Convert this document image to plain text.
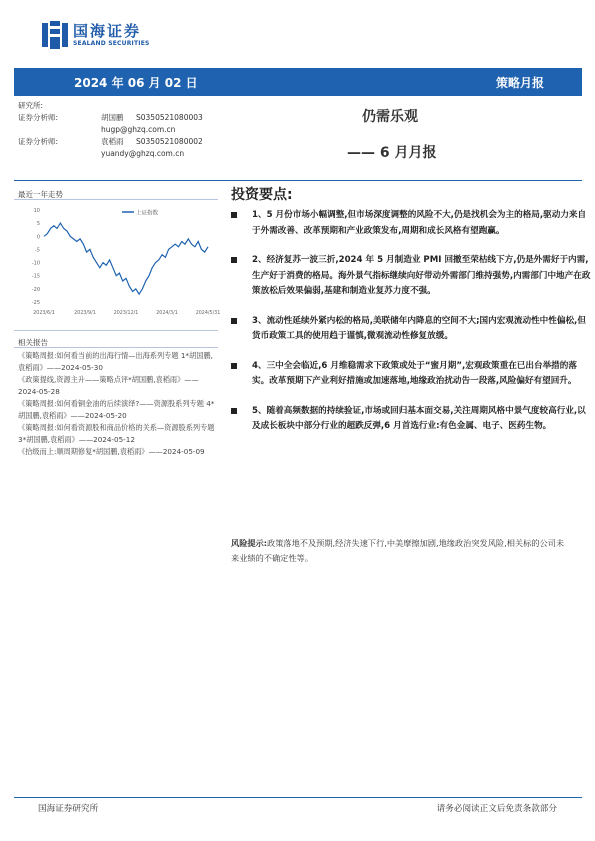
国海证券
SEALAND SECURITIES
2024 年 06 月 02 日	策略月报
研究所:
证券分析师:	胡国鹏 S0350521080003
hugp@ghzq.com.cn
证券分析师:	袁稻雨 S0350521080002
yuandy@ghzq.com.cn
仍需乐观
—— 6 月月报
最近一年走势
10
5
0
-5
-10
-15
-20
-25
2023/6/1	2023/9/1	2023/12/1	2024/3/1	2024/5/31
上证指数
相关报告

《策略周报:如何看当前的出海行情—出海系列专题 1*胡国鹏,袁稻雨》——2024-05-30

《政策提线,资源主升——策略点评*胡国鹏,袁稻雨》——2024-05-28

《策略周报:如何看铜金油的后续演绎?——资源股系列专题 4*胡国鹏,袁稻雨》——2024-05-20

《策略周报:如何看资源股和商品价格的关系—资源股系列专题 3*胡国鹏,袁稻雨》——2024-05-12

《拾级而上:顺周期修复*胡国鹏,袁稻雨》——2024-05-09

投资要点:
1、5 月份市场小幅调整,但市场深度调整的风险不大,仍是找机会为主的格局,驱动力来自于外需改善、改革预期和产业政策发布,周期和成长风格有望跑赢。
2、经济复苏一波三折,2024 年 5 月制造业 PMI 回撤至荣枯线下方,仍是外需好于内需,生产好于消费的格局。海外景气指标继续向好带动外需部门维持强势,内需部门中地产在政策放松后效果偏弱,基建和制造业复苏力度不强。
3、流动性延续外紧内松的格局,美联储年内降息的空间不大;国内宏观流动性中性偏松,但货币政策工具的使用趋于谨慎,微观流动性修复放缓。
4、三中全会临近,6 月维稳需求下政策或处于“蜜月期”,宏观政策重在已出台举措的落实。改革预期下产业利好措施或加速落地,地缘政治扰动告一段落,风险偏好有望回升。
5、随着高频数据的持续验证,市场或回归基本面交易,关注周期风格中景气度较高行业,以及成长板块中部分行业的超跌反弹,6 月首选行业:有色金属、电子、医药生物。
风险提示:政策落地不及预期,经济失速下行,中美摩擦加剧,地缘政治突发风险,相关标的公司未来业绩的不确定性等。
国海证券研究所	请务必阅读正文后免责条款部分
